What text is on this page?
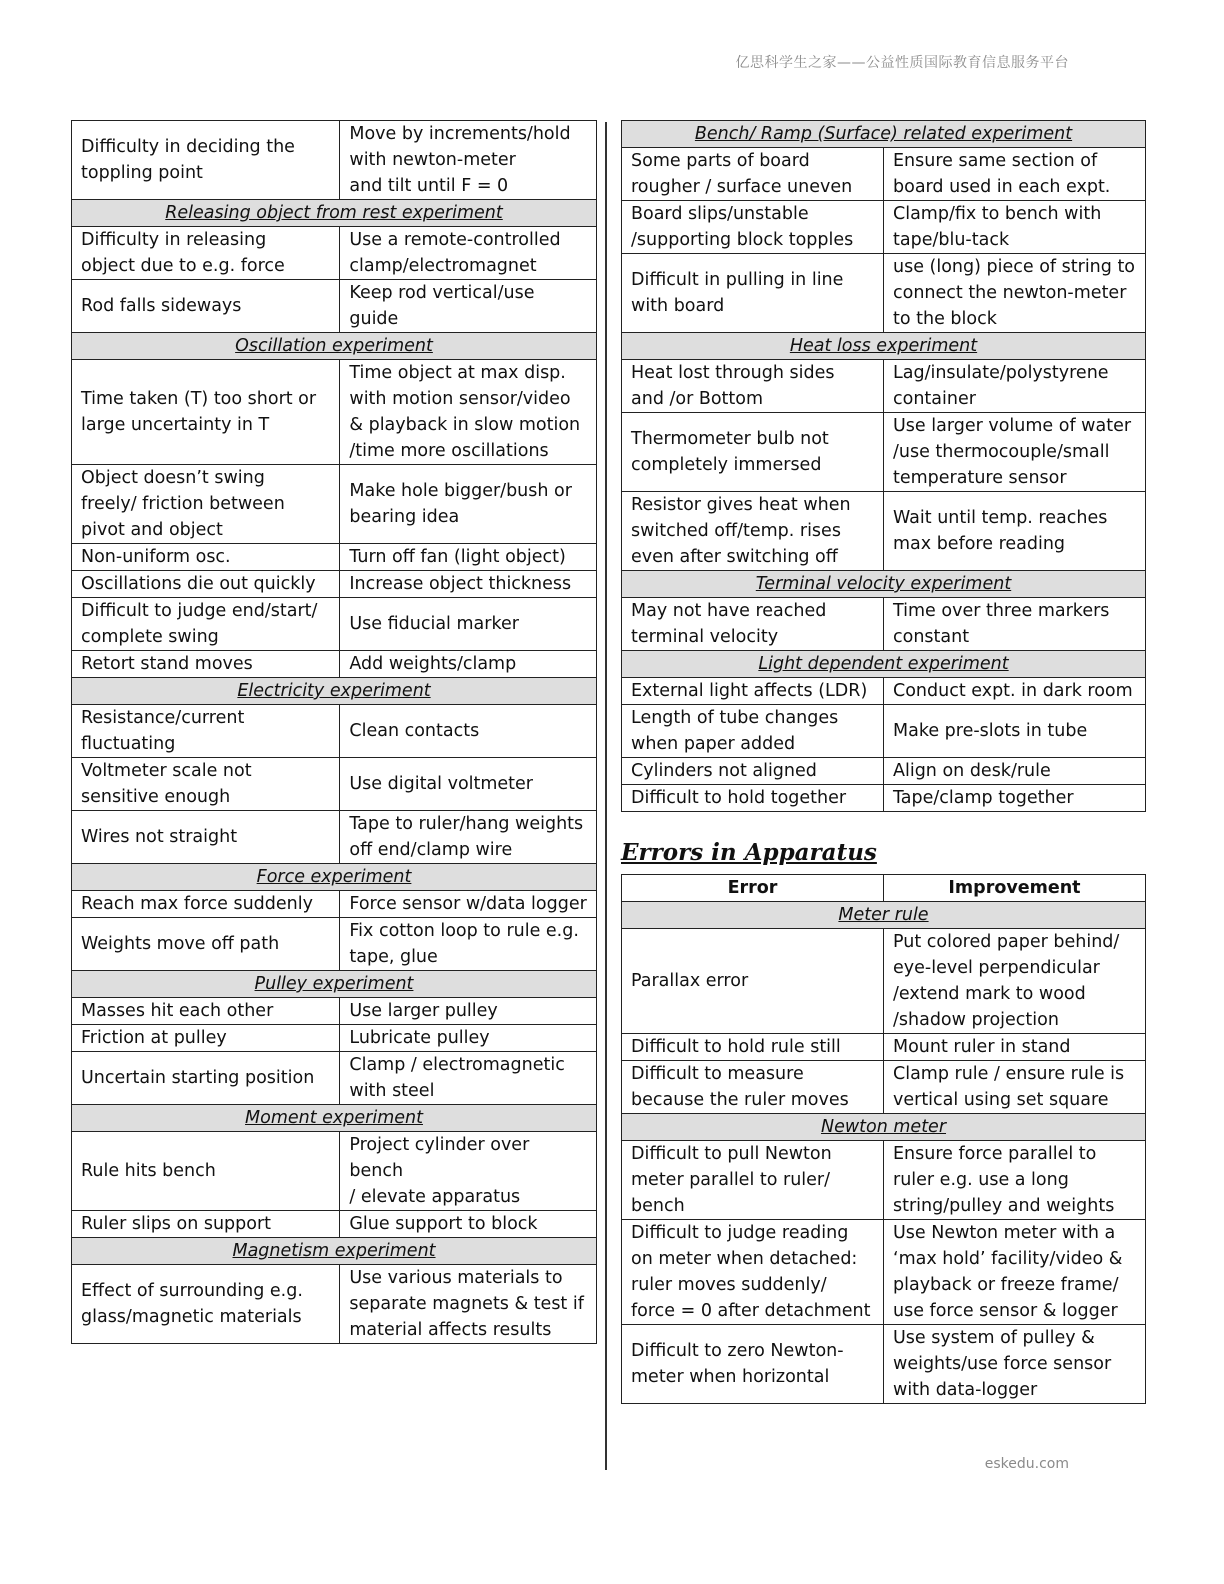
亿思科学生之家——公益性质国际教育信息服务平台
Difficulty in deciding the
toppling point	Move by increments/hold
with newton-meter
and tilt until F = 0

Releasing object from rest experiment	

Difficulty in releasing
object due to e.g. force	Use a remote-controlled
clamp/electromagnet

Rod falls sideways	Keep rod vertical/use
guide

Oscillation experiment	

Time taken (T) too short or
large uncertainty in T	Time object at max disp.
with motion sensor/video
& playback in slow motion
/time more oscillations

Object doesn’t swing
freely/ friction between
pivot and object	Make hole bigger/bush or
bearing idea

Non-uniform osc.	Turn off fan (light object)

Oscillations die out quickly	Increase object thickness

Difficult to judge end/start/
complete swing	Use fiducial marker

Retort stand moves	Add weights/clamp

Electricity experiment	

Resistance/current
fluctuating	Clean contacts

Voltmeter scale not
sensitive enough	Use digital voltmeter

Wires not straight	Tape to ruler/hang weights
off end/clamp wire

Force experiment	

Reach max force suddenly	Force sensor w/data logger

Weights move off path	Fix cotton loop to rule e.g.
tape, glue

Pulley experiment	

Masses hit each other	Use larger pulley

Friction at pulley	Lubricate pulley

Uncertain starting position	Clamp / electromagnetic
with steel

Moment experiment	

Rule hits bench	Project cylinder over bench
/ elevate apparatus

Ruler slips on support	Glue support to block

Magnetism experiment	

Effect of surrounding e.g.
glass/magnetic materials	Use various materials to
separate magnets & test if
material affects results
Bench/ Ramp (Surface) related experiment	

Some parts of board
rougher / surface uneven	Ensure same section of
board used in each expt.

Board slips/unstable
/supporting block topples	Clamp/fix to bench with
tape/blu-tack

Difficult in pulling in line
with board	use (long) piece of string to
connect the newton-meter
to the block

Heat loss experiment	

Heat lost through sides
and /or Bottom	Lag/insulate/polystyrene
container

Thermometer bulb not
completely immersed	Use larger volume of water
/use thermocouple/small
temperature sensor

Resistor gives heat when
switched off/temp. rises
even after switching off	Wait until temp. reaches
max before reading

Terminal velocity experiment	

May not have reached
terminal velocity	Time over three markers
constant

Light dependent experiment	

External light affects (LDR)	Conduct expt. in dark room

Length of tube changes
when paper added	Make pre-slots in tube

Cylinders not aligned	Align on desk/rule

Difficult to hold together	Tape/clamp together
Errors in Apparatus
Error	Improvement
Meter rule	

Parallax error	Put colored paper behind/
eye-level perpendicular
/extend mark to wood
/shadow projection

Difficult to hold rule still	Mount ruler in stand

Difficult to measure
because the ruler moves	Clamp rule / ensure rule is
vertical using set square

Newton meter	

Difficult to pull Newton
meter parallel to ruler/
bench	Ensure force parallel to
ruler e.g. use a long
string/pulley and weights

Difficult to judge reading
on meter when detached:
ruler moves suddenly/
force = 0 after detachment	Use Newton meter with a
‘max hold’ facility/video &
playback or freeze frame/
use force sensor & logger

Difficult to zero Newton-
meter when horizontal	Use system of pulley &
weights/use force sensor
with data-logger
eskedu.com
